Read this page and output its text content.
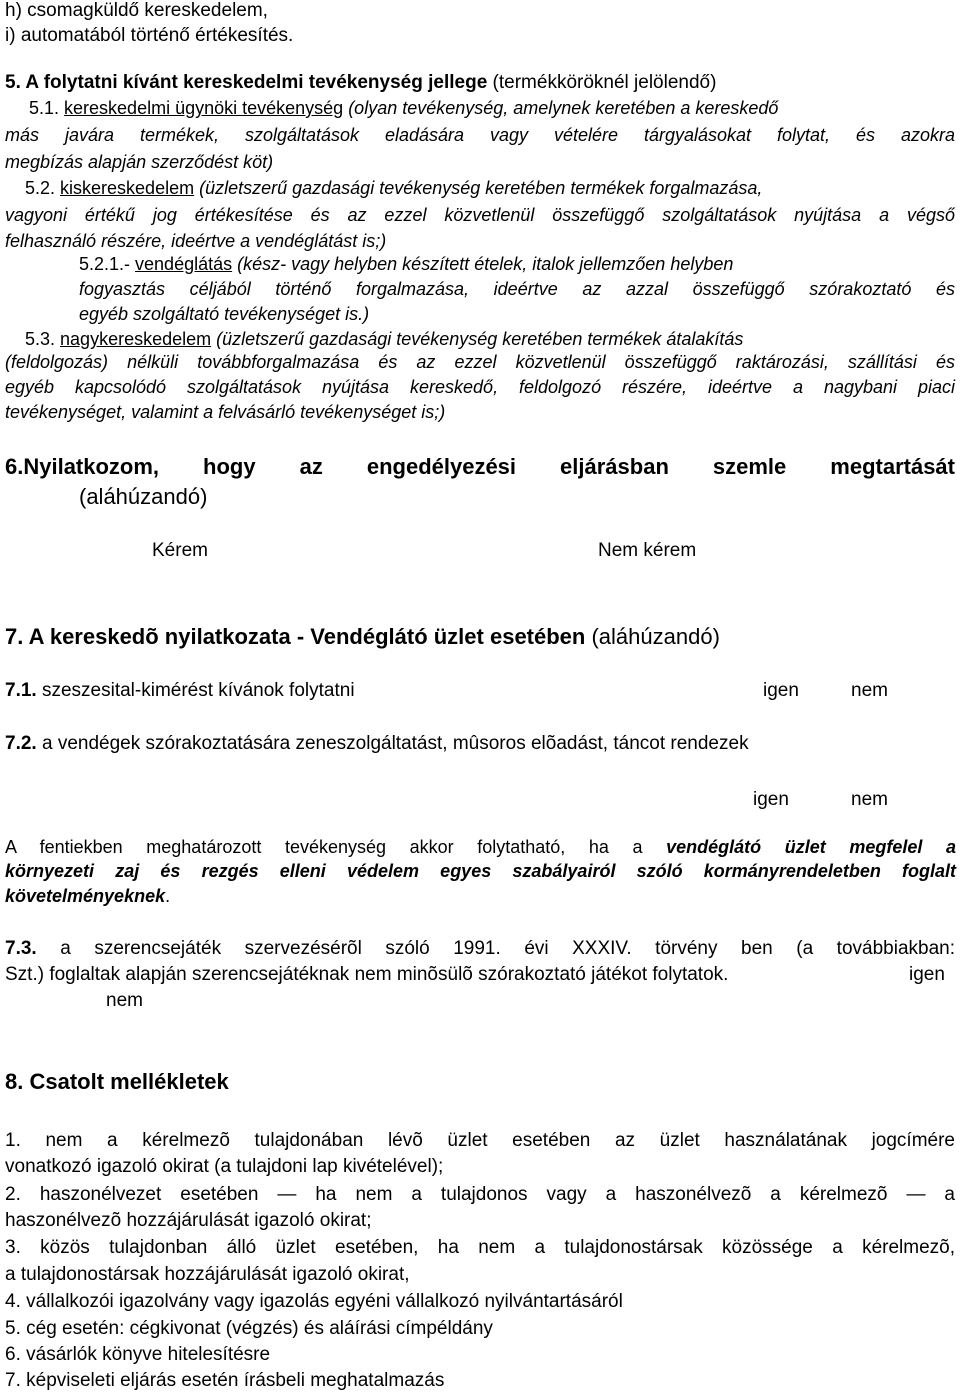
h) csomagküldő kereskedelem,

i) automatából történő értékesítés.

5. A folytatni kívánt kereskedelmi tevékenység jellege (termékköröknél jelölendő)

5.1. kereskedelmi ügynöki tevékenység (olyan tevékenység, amelynek keretében a kereskedő

más javára termékek, szolgáltatások eladására vagy vételére tárgyalásokat folytat, és azokra

megbízás alapján szerződést köt)

5.2. kiskereskedelem (üzletszerű gazdasági tevékenység keretében termékek forgalmazása,

vagyoni értékű jog értékesítése és az ezzel közvetlenül összefüggő szolgáltatások nyújtása a végső

felhasználó részére, ideértve a vendéglátást is;)

5.2.1.- vendéglátás (kész- vagy helyben készített ételek, italok jellemzően helyben

fogyasztás céljából történő forgalmazása, ideértve az azzal összefüggő szórakoztató és

egyéb szolgáltató tevékenységet is.)

5.3. nagykereskedelem (üzletszerű gazdasági tevékenység keretében termékek átalakítás

(feldolgozás) nélküli továbbforgalmazása és az ezzel közvetlenül összefüggő raktározási, szállítási és

egyéb kapcsolódó szolgáltatások nyújtása kereskedő, feldolgozó részére, ideértve a nagybani piaci

tevékenységet, valamint a felvásárló tevékenységet is;)

6.Nyilatkozom, hogy az engedélyezési eljárásban szemle megtartását

(aláhúzandó)

Kérem	Nem kérem

7. A kereskedõ nyilatkozata - Vendéglátó üzlet esetében (aláhúzandó)

7.1. szeszesital-kimérést kívánok folytatni	igen	nem

7.2. a vendégek szórakoztatására zeneszolgáltatást, mûsoros elõadást, táncot rendezek

igen	nem

A fentiekben meghatározott tevékenység akkor folytatható, ha a vendéglátó üzlet megfelel a

környezeti zaj és rezgés elleni védelem egyes szabályairól szóló kormányrendeletben foglalt

követelményeknek.

7.3. a szerencsejáték szervezésérõl szóló 1991. évi XXXIV. törvény ben (a továbbiakban:

Szt.) foglaltak alapján szerencsejátéknak nem minõsülõ szórakoztató játékot folytatok.	igen

nem

8. Csatolt mellékletek

1. nem a kérelmezõ tulajdonában lévõ üzlet esetében az üzlet használatának jogcímére

vonatkozó igazoló okirat (a tulajdoni lap kivételével);

2. haszonélvezet esetében — ha nem a tulajdonos vagy a haszonélvezõ a kérelmezõ — a

haszonélvezõ hozzájárulását igazoló okirat;

3. közös tulajdonban álló üzlet esetében, ha nem a tulajdonostársak közössége a kérelmezõ,

a tulajdonostársak hozzájárulását igazoló okirat,

4. vállalkozói igazolvány vagy igazolás egyéni vállalkozó nyilvántartásáról

5. cég esetén: cégkivonat (végzés) és aláírási címpéldány

6. vásárlók könyve hitelesítésre

7. képviseleti eljárás esetén írásbeli meghatalmazás
